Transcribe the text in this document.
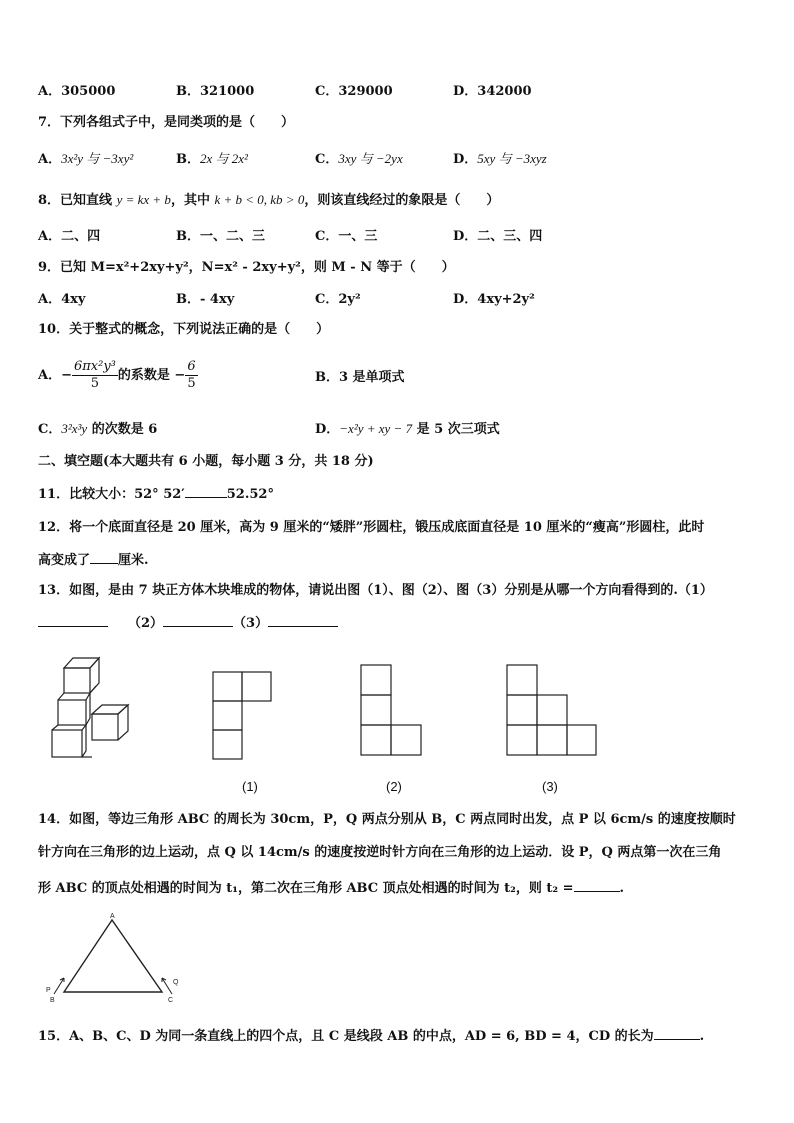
A．305000	B．321000	C．329000	D．342000
7．下列各组式子中，是同类项的是（　　）
A．3x²y 与 −3xy²	B．2x 与 2x²	C．3xy 与 −2yx	D．5xy 与 −3xyz
8．已知直线 y = kx + b，其中 k + b < 0, kb > 0，则该直线经过的象限是（　　）
A．二、四	B．一、二、三	C．一、三	D．二、三、四
9．已知 M=x²+2xy+y²，N=x² - 2xy+y²，则 M - N 等于（　　）
A．4xy	B．- 4xy	C．2y²	D．4xy+2y²
10．关于整式的概念，下列说法正确的是（　　）
A．− $\frac{\text{6πx²y³}}{5}$ 的系数是 − $\frac{6}{5}$	B．3 是单项式
C．3²x³y 的次数是 6	D．−x²y + xy − 7 是 5 次三项式
二、填空题(本大题共有 6 小题，每小题 3 分，共 18 分)
11．比较大小：52° 52′	52.52°
12．将一个底面直径是 20 厘米，高为 9 厘米的“矮胖”形圆柱，锻压成底面直径是 10 厘米的“瘦高”形圆柱，此时
高变成了 厘米.
13．如图，是由 7 块正方体木块堆成的物体，请说出图（1）、图（2）、图（3）分别是从哪一个方向看得到的.（1）
（2）	（3）
(1)	(2)	(3)
14．如图，等边三角形 ABC 的周长为 30cm，P，Q 两点分别从 B，C 两点同时出发，点 P 以 6cm/s 的速度按顺时
针方向在三角形的边上运动，点 Q 以 14cm/s 的速度按逆时针方向在三角形的边上运动．设 P，Q 两点第一次在三角
形 ABC 的顶点处相遇的时间为 t₁，第二次在三角形 ABC 顶点处相遇的时间为 t₂，则 t₂ =	.
A
B	C
P
Q
15．A、B、C、D 为同一条直线上的四个点，且 C 是线段 AB 的中点，AD = 6, BD = 4，CD 的长为	.
